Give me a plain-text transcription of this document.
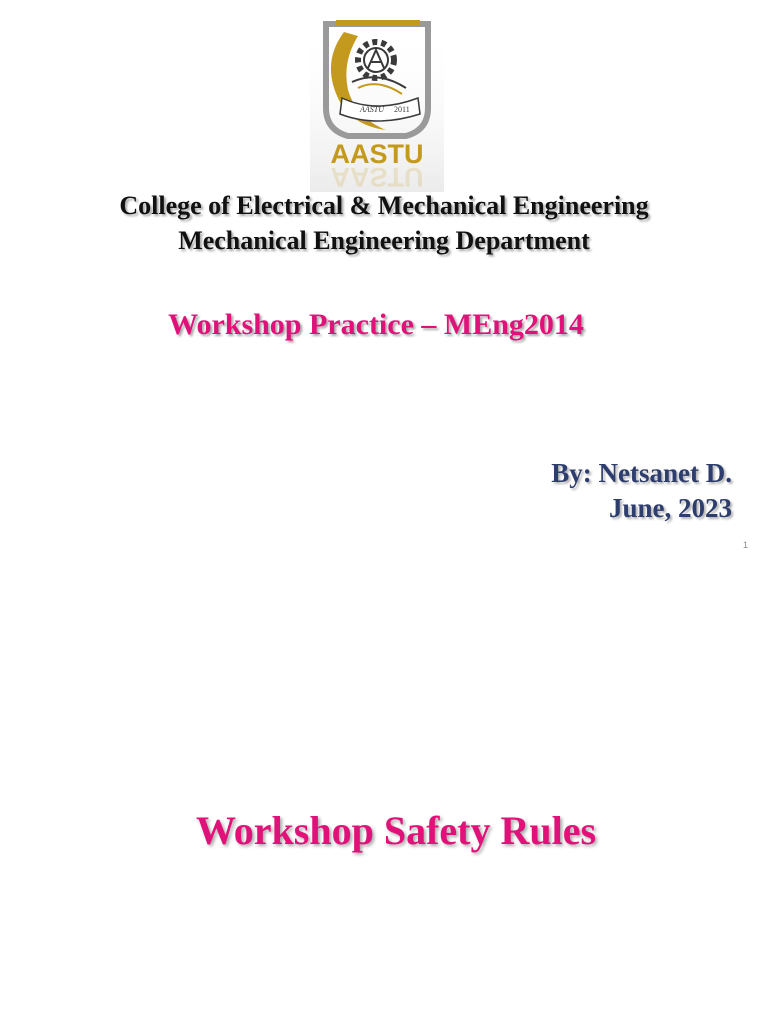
AASTU 2011
AASTU
AASTU
College of Electrical & Mechanical Engineering
Mechanical Engineering Department
Workshop Practice – MEng2014
By: Netsanet D.
June, 2023
1
Workshop Safety Rules
